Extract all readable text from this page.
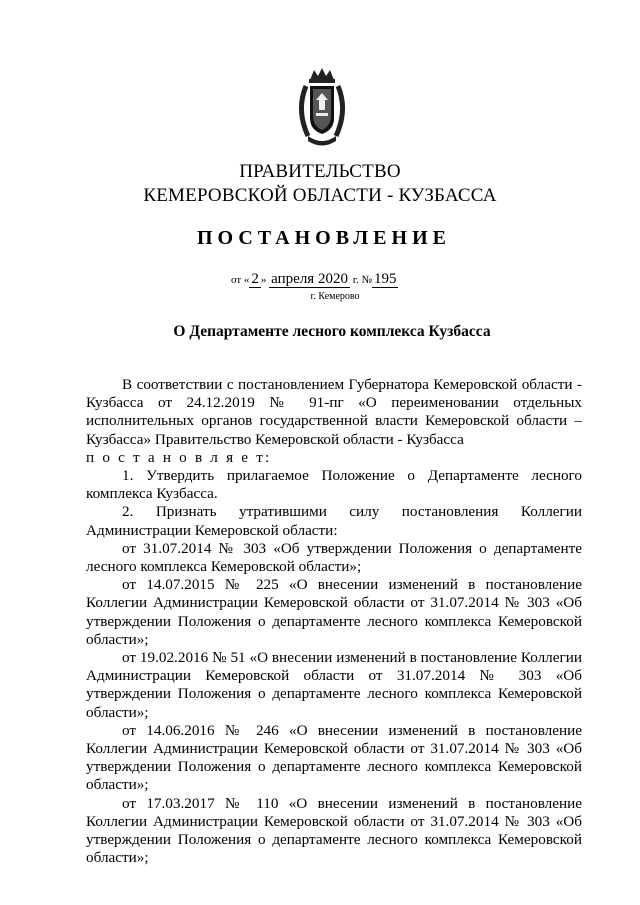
ПРАВИТЕЛЬСТВО
КЕМЕРОВСКОЙ ОБЛАСТИ - КУЗБАССА
ПОСТАНОВЛЕНИЕ
от « 2 » апреля 2020 г. № 195
г. Кемерово
О Департаменте лесного комплекса Кузбасса

В соответствии с постановлением Губернатора Кемеровской области - Кузбасса от 24.12.2019 № 91-пг «О переименовании отдельных исполнительных органов государственной власти Кемеровской области – Кузбасса» Правительство Кемеровской области - Кузбасса

п о с т а н о в л я е т:

1. Утвердить прилагаемое Положение о Департаменте лесного комплекса Кузбасса.

2. Признать утратившими силу постановления Коллегии Администрации Кемеровской области:

от 31.07.2014 № 303 «Об утверждении Положения о департаменте лесного комплекса Кемеровской области»;

от 14.07.2015 № 225 «О внесении изменений в постановление Коллегии Администрации Кемеровской области от 31.07.2014 № 303 «Об утверждении Положения о департаменте лесного комплекса Кемеровской области»;

от 19.02.2016 № 51 «О внесении изменений в постановление Коллегии Администрации Кемеровской области от 31.07.2014 № 303 «Об утверждении Положения о департаменте лесного комплекса Кемеровской области»;

от 14.06.2016 № 246 «О внесении изменений в постановление Коллегии Администрации Кемеровской области от 31.07.2014 № 303 «Об утверждении Положения о департаменте лесного комплекса Кемеровской области»;

от 17.03.2017 № 110 «О внесении изменений в постановление Коллегии Администрации Кемеровской области от 31.07.2014 № 303 «Об утверждении Положения о департаменте лесного комплекса Кемеровской области»;
